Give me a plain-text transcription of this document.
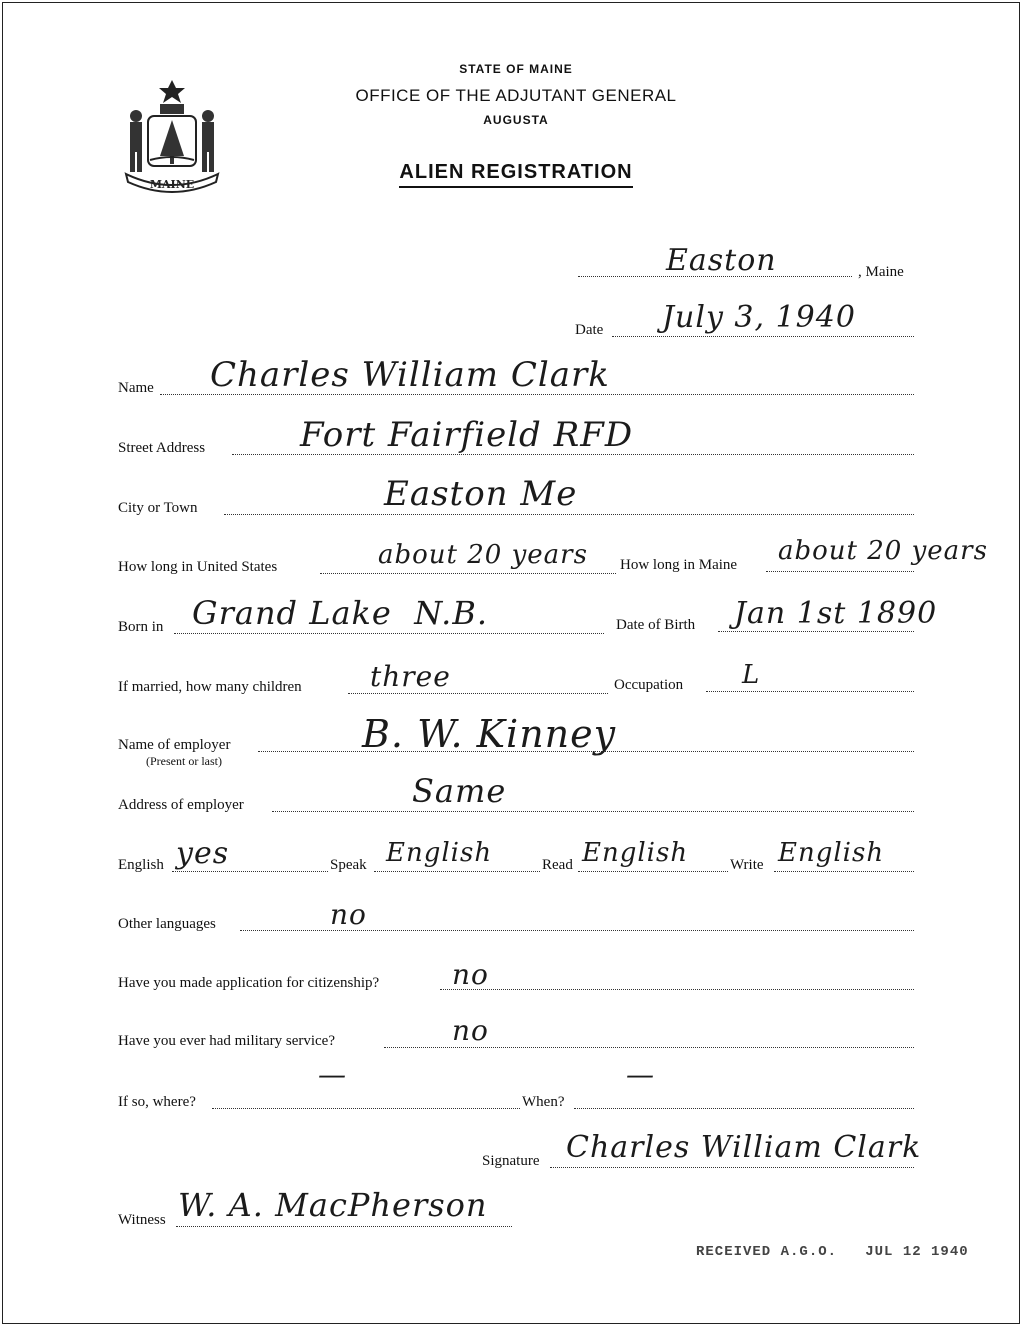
MAINE
STATE OF MAINE
OFFICE OF THE ADJUTANT GENERAL
AUGUSTA
ALIEN REGISTRATION
Easton	, Maine
Date July 3, 1940
Name Charles William Clark
Street Address	Fort Fairfield RFD
City or Town	Easton Me
How long in United States	about 20 years How long in Maine about 20 years
Born in Grand Lake  N.B.	Date of Birth Jan 1st 1890
If married, how many children three	Occupation L
Name of employer
(Present or last)
B. W. Kinney
Address of employer	Same
English yes	Speak English	Read English	Write English
Other languages	no
Have you made application for citizenship?	no
Have you ever had military service?	no
If so, where?
—
When?
—
Signature Charles William Clark
Witness W. A. MacPherson
RECEIVED A.G.O.   JUL 12 1940
